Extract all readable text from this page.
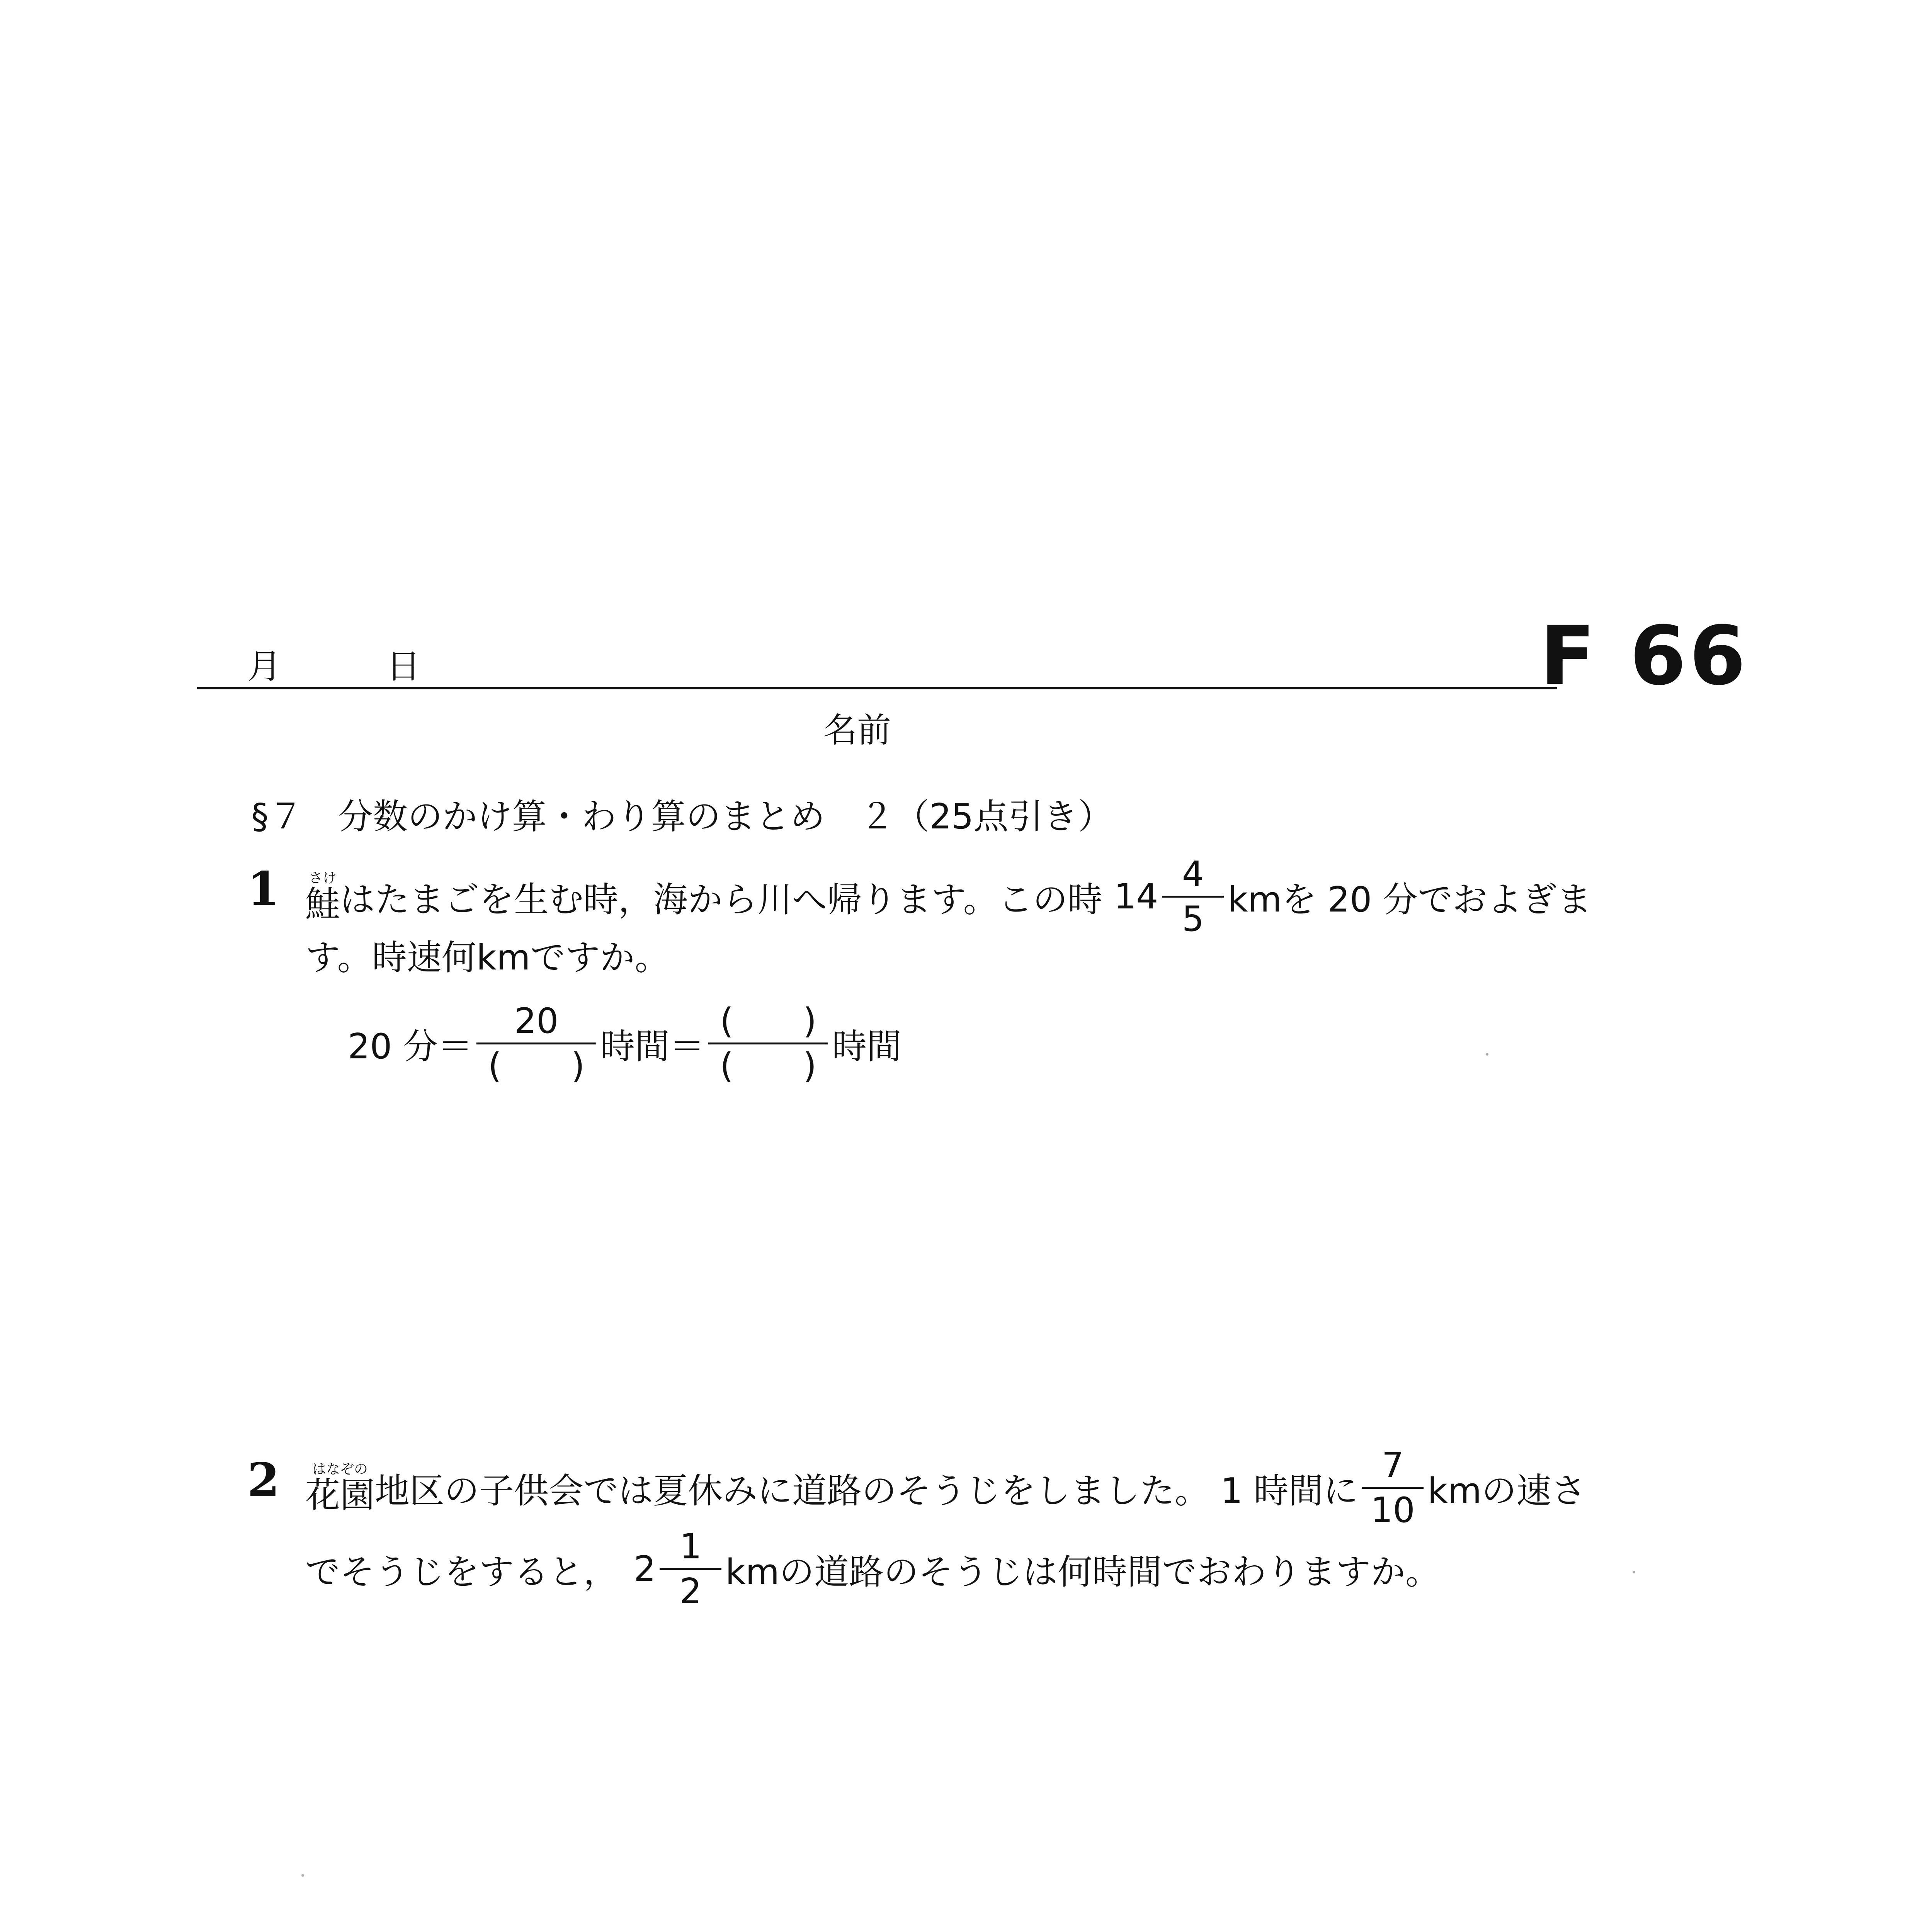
月	日
名前
F 66
§７　分数のかけ算・わり算のまとめ　２（25点引き）
1 さけ
鮭 はたまごを生む時，海から川へ帰ります。この時 14
4
5 kmを 20 分でおよぎま
す。時速何kmですか。
20 分＝
20
(　　) 時間＝
(　　)
(　　) 時間
2 はなぞの
花園 地区の子供会では夏休みに道路のそうじをしました。 1 時間に
7
10 kmの速さ
でそうじをすると， 2
1
2 kmの道路のそうじは何時間でおわりますか。
